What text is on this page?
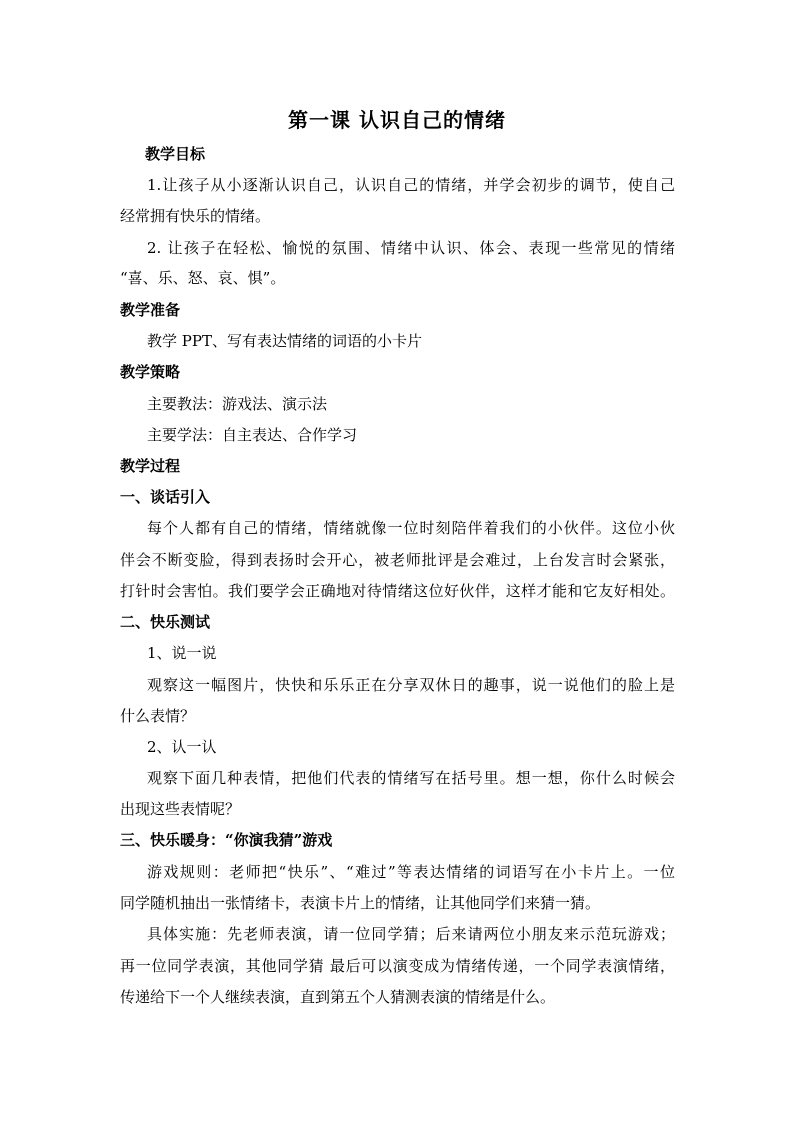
第一课 认识自己的情绪
教学目标
1.让孩子从小逐渐认识自己，认识自己的情绪，并学会初步的调节，使自己
经常拥有快乐的情绪。
2. 让孩子在轻松、愉悦的氛围、情绪中认识、体会、表现一些常见的情绪
“喜、乐、怒、哀、惧”。
教学准备
教学 PPT、写有表达情绪的词语的小卡片
教学策略
主要教法：游戏法、演示法
主要学法：自主表达、合作学习
教学过程
一、谈话引入
每个人都有自己的情绪，情绪就像一位时刻陪伴着我们的小伙伴。这位小伙
伴会不断变脸，得到表扬时会开心，被老师批评是会难过，上台发言时会紧张，
打针时会害怕。我们要学会正确地对待情绪这位好伙伴，这样才能和它友好相处。
二、快乐测试
1、说一说
观察这一幅图片，快快和乐乐正在分享双休日的趣事，说一说他们的脸上是
什么表情？
2、认一认
观察下面几种表情，把他们代表的情绪写在括号里。想一想，你什么时候会
出现这些表情呢？
三、快乐暖身：“你演我猜”游戏
游戏规则：老师把“快乐”、“难过”等表达情绪的词语写在小卡片上。一位
同学随机抽出一张情绪卡，表演卡片上的情绪，让其他同学们来猜一猜。
具体实施：先老师表演，请一位同学猜；后来请两位小朋友来示范玩游戏；
再一位同学表演，其他同学猜 最后可以演变成为情绪传递，一个同学表演情绪，
传递给下一个人继续表演，直到第五个人猜测表演的情绪是什么。
